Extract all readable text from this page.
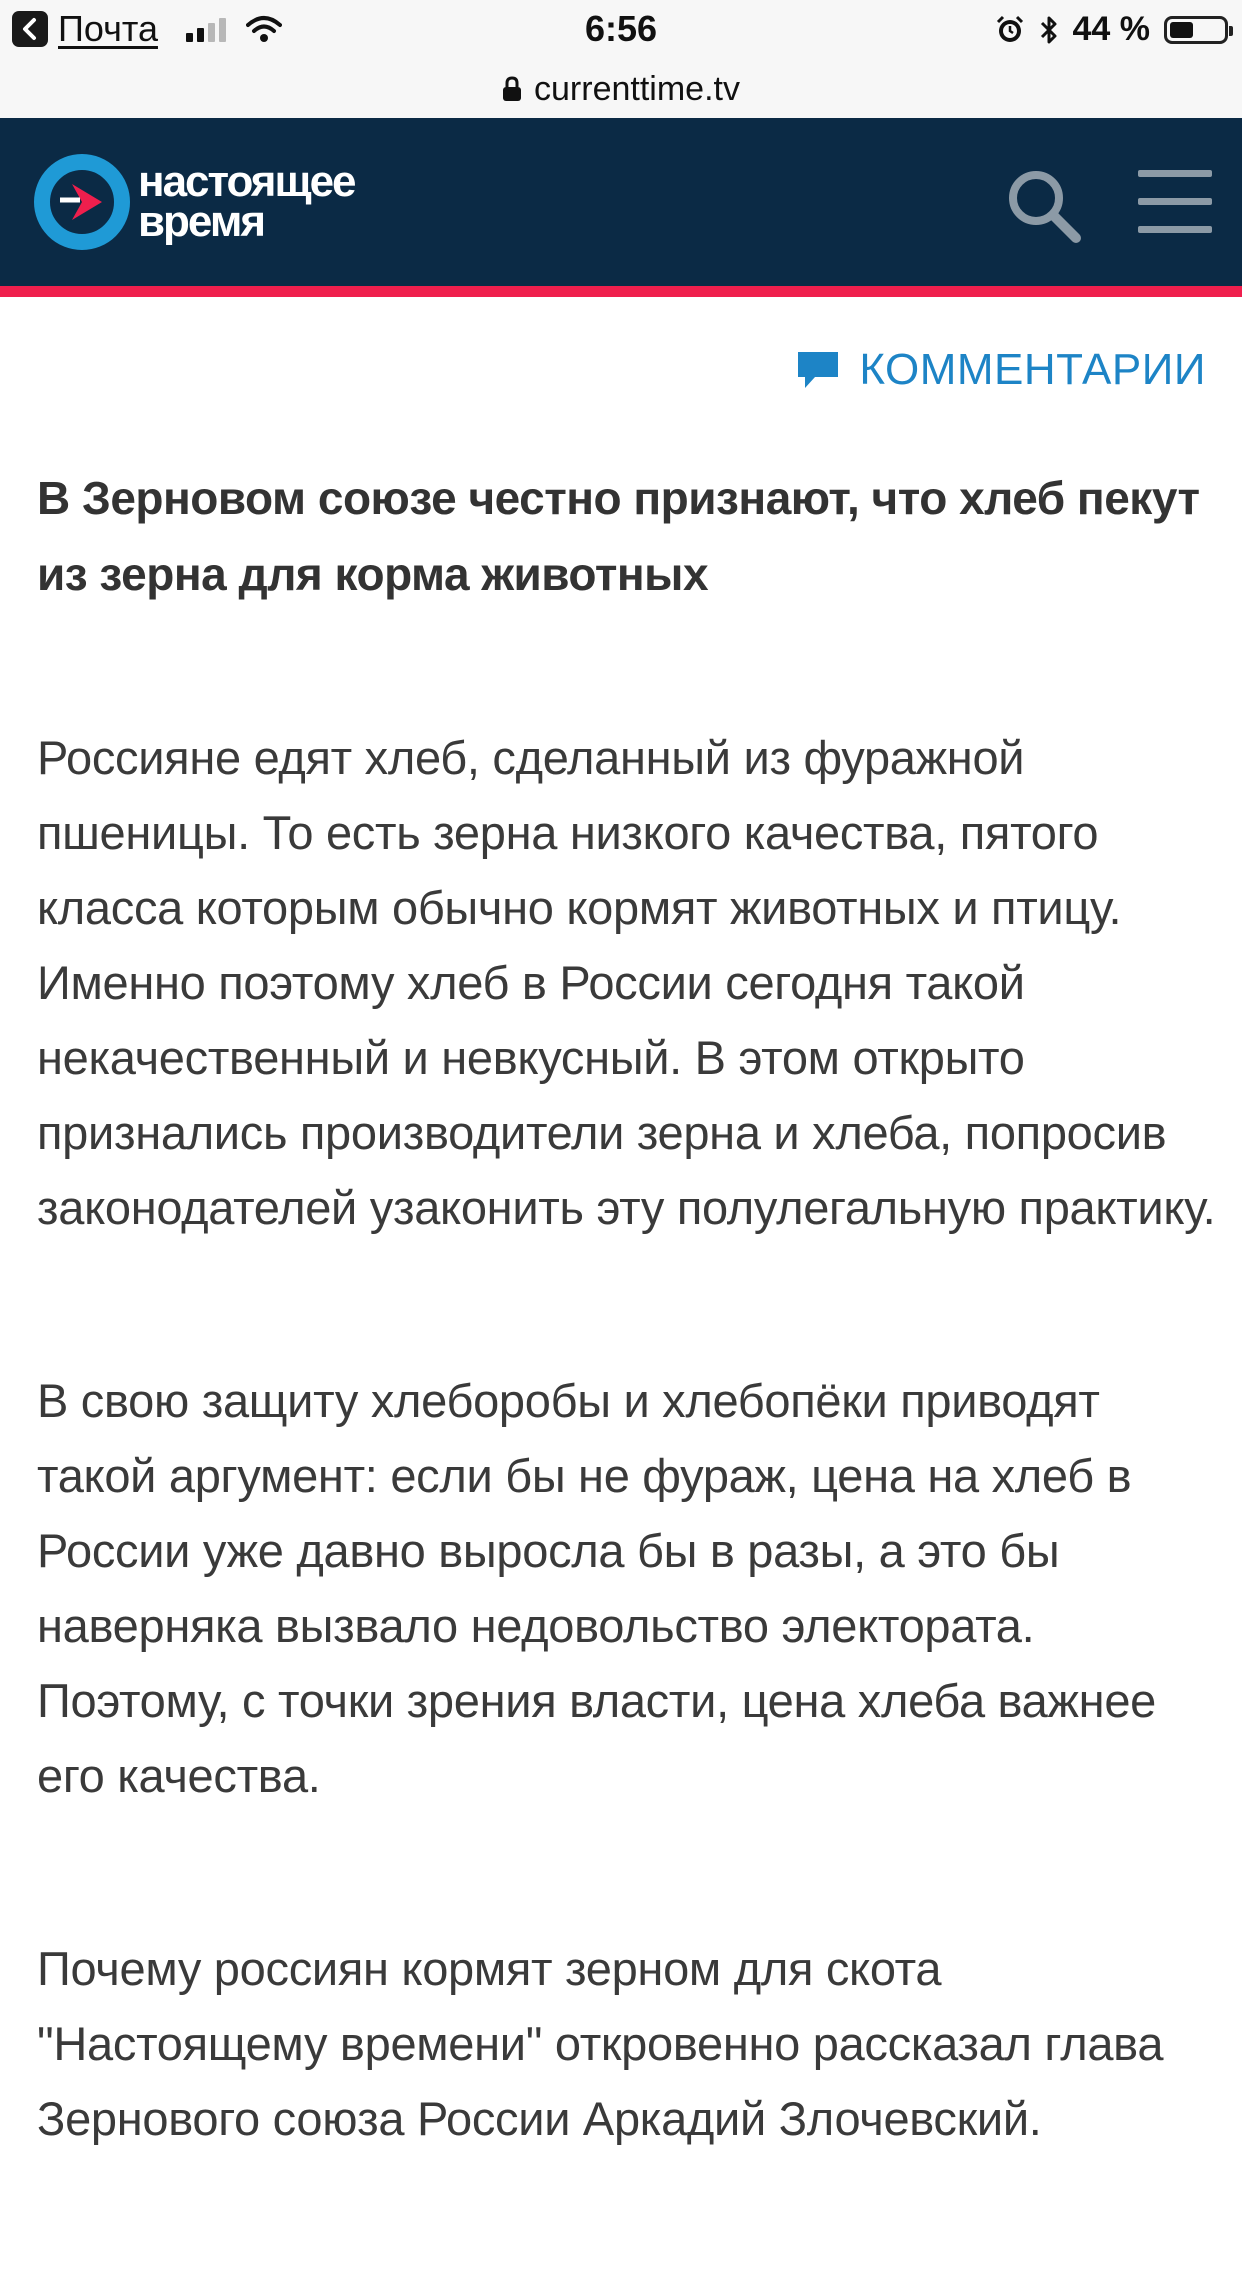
Почта	6:56	44 %
currenttime.tv
настоящее
время
КОММЕНТАРИИ
В Зерновом союзе честно признают, что хлеб пекут из зерна для корма животных

Россияне едят хлеб, сделанный из фуражной пшеницы. То есть зерна низкого качества, пятого класса которым обычно кормят животных и птицу. Именно поэтому хлеб в России сегодня такой некачественный и невкусный. В этом открыто признались производители зерна и хлеба, попросив законодателей узаконить эту полулегальную практику.

В свою защиту хлеборобы и хлебопёки приводят такой аргумент: если бы не фураж, цена на хлеб в России уже давно выросла бы в разы, а это бы наверняка вызвало недовольство электората. Поэтому, с точки зрения власти, цена хлеба важнее его качества.

Почему россиян кормят зерном для скота "Настоящему времени" откровенно рассказал глава Зернового союза России Аркадий Злочевский.
